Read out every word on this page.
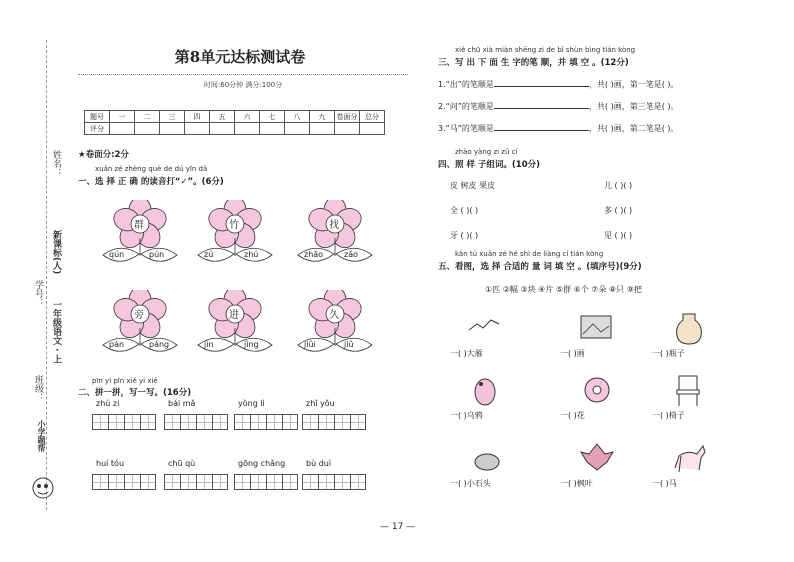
姓名：
学号：
班级：
新课标(人)
一年级语文 · 上
小学题帮
第8单元达标测试卷
时间:60分钟 满分:100分
题号	一	二	三	四	五	六	七	八	九	卷面分	总分
评分											
★卷面分:2分
xuǎn zé zhèng què de dú yīn dǎ
一、选 择 正 确 的读音打“✓”。(6分)
群
qún	pún
竹
zú	zhú
找
zhǎo	zǎo
旁
pán	páng
进
jìn	jìng
久
jiǔi	jiǔ
pīn yi pīn xiě yi xiě
二、拼一拼，写一写。(16分)
zhú zi	bái mǎ	yòng lì	zhǐ yǒu
huí tóu	chū qù	gōng chǎng	bù duì
xiě chū xià miàn shēng zì de bǐ shùn bìng tián kòng
三、写 出 下 面 生 字的笔 顺，并 填 空 。(12分)
1.“出”的笔顺是	，共( )画，第一笔是( )。
2.“问”的笔顺是	，共( )画，第三笔是( )。
3.“马”的笔顺是	，共( )画，第二笔是( )。
zhào yàng zi zǔ cí
四、照 样 子组词。(10分)
皮 树皮 果皮	儿 ( )( )
全 ( )( )	多 ( )( )
牙 ( )( )	见 ( )( )
kàn tú xuǎn zé hé shì de liàng cí tián kòng
五、看图，选 择 合适的 量 词 填 空 。(填序号)(9分)
①匹 ②幅 ③块 ④片 ⑤群 ⑥个 ⑦朵 ⑧只 ⑨把
一( )大雁	一( )画	一( )瓶子
一( )乌鸦	一( )花	一( )椅子
一( )小石头	一( )枫叶	一( )马
— 17 —
